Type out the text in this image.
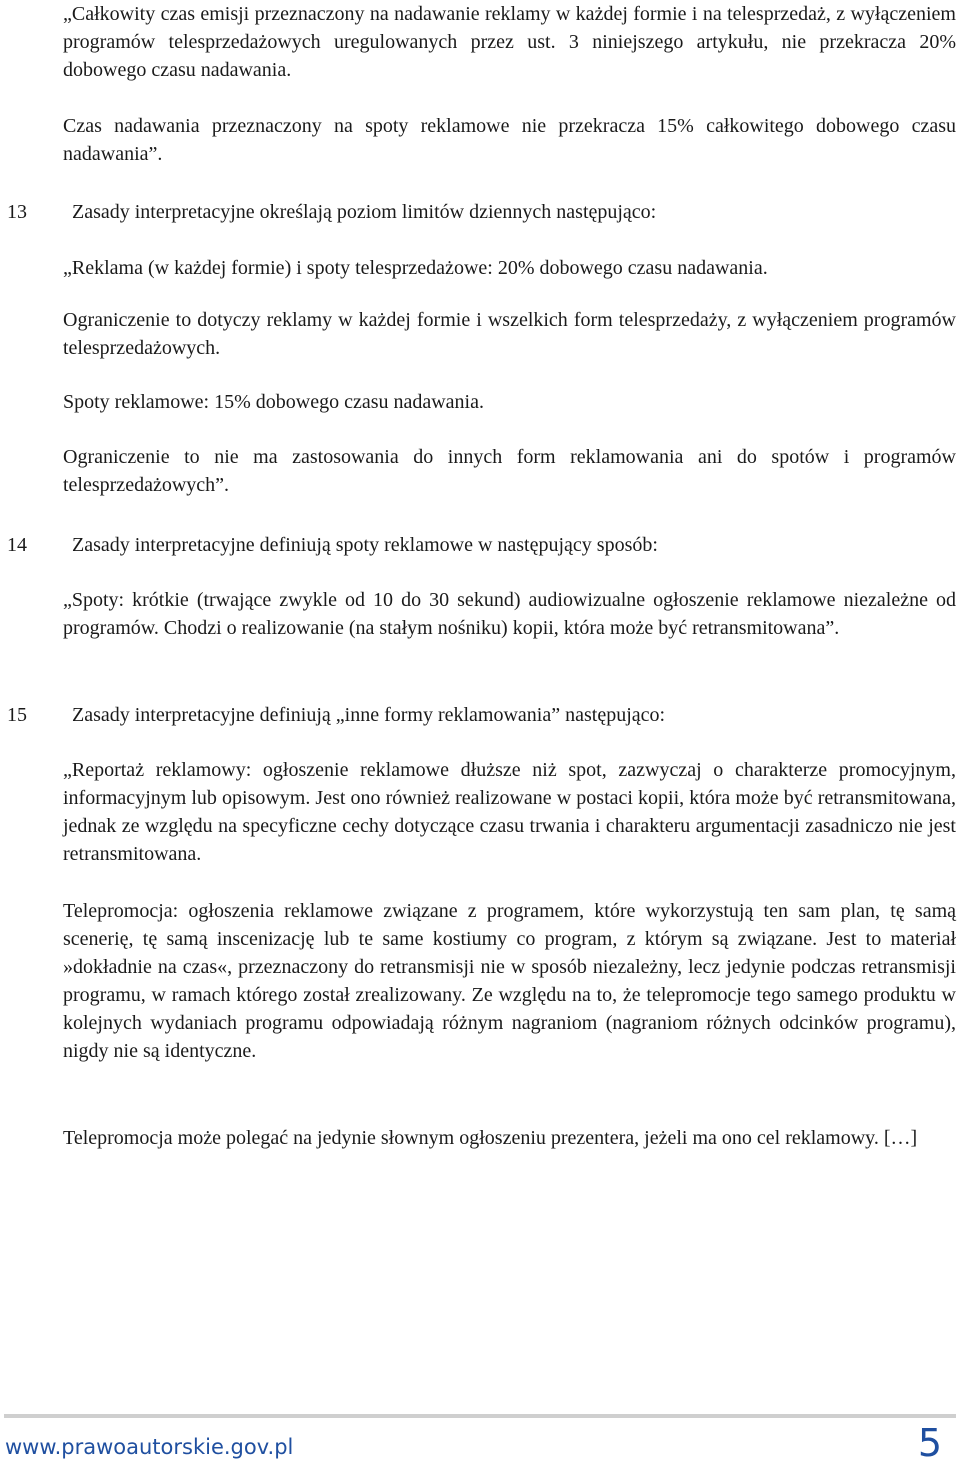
„Całkowity czas emisji przeznaczony na nadawanie reklamy w każdej formie i na telesprzedaż, z wyłączeniem programów telesprzedażowych uregulowanych przez ust. 3 niniejszego artykułu, nie przekracza 20% dobowego czasu nadawania.

Czas nadawania przeznaczony na spoty reklamowe nie przekracza 15% całkowitego dobowego czasu nadawania”.

13 Zasady interpretacyjne określają poziom limitów dziennych następująco:

„Reklama (w każdej formie) i spoty telesprzedażowe: 20% dobowego czasu nadawania.

Ograniczenie to dotyczy reklamy w każdej formie i wszelkich form telesprzedaży, z wyłączeniem programów telesprzedażowych.

Spoty reklamowe: 15% dobowego czasu nadawania.

Ograniczenie to nie ma zastosowania do innych form reklamowania ani do spotów i programów telesprzedażowych”.

14 Zasady interpretacyjne definiują spoty reklamowe w następujący sposób:

„Spoty: krótkie (trwające zwykle od 10 do 30 sekund) audiowizualne ogłoszenie reklamowe niezależne od programów. Chodzi o realizowanie (na stałym nośniku) kopii, która może być retransmitowana”.

15 Zasady interpretacyjne definiują „inne formy reklamowania” następująco:

„Reportaż reklamowy: ogłoszenie reklamowe dłuższe niż spot, zazwyczaj o charakterze promocyjnym, informacyjnym lub opisowym. Jest ono również realizowane w postaci kopii, która może być retransmitowana, jednak ze względu na specyficzne cechy dotyczące czasu trwania i charakteru argumentacji zasadniczo nie jest retransmitowana.

Telepromocja: ogłoszenia reklamowe związane z programem, które wykorzystują ten sam plan, tę samą scenerię, tę samą inscenizację lub te same kostiumy co program, z którym są związane. Jest to materiał »dokładnie na czas«, przeznaczony do retransmisji nie w sposób niezależny, lecz jedynie podczas retransmisji programu, w ramach którego został zrealizowany. Ze względu na to, że telepromocje tego samego produktu w kolejnych wydaniach programu odpowiadają różnym nagraniom (nagraniom różnych odcinków programu), nigdy nie są identyczne.

Telepromocja może polegać na jedynie słownym ogłoszeniu prezentera, jeżeli ma ono cel reklamowy. […]

www.prawoautorskie.gov.pl	5
